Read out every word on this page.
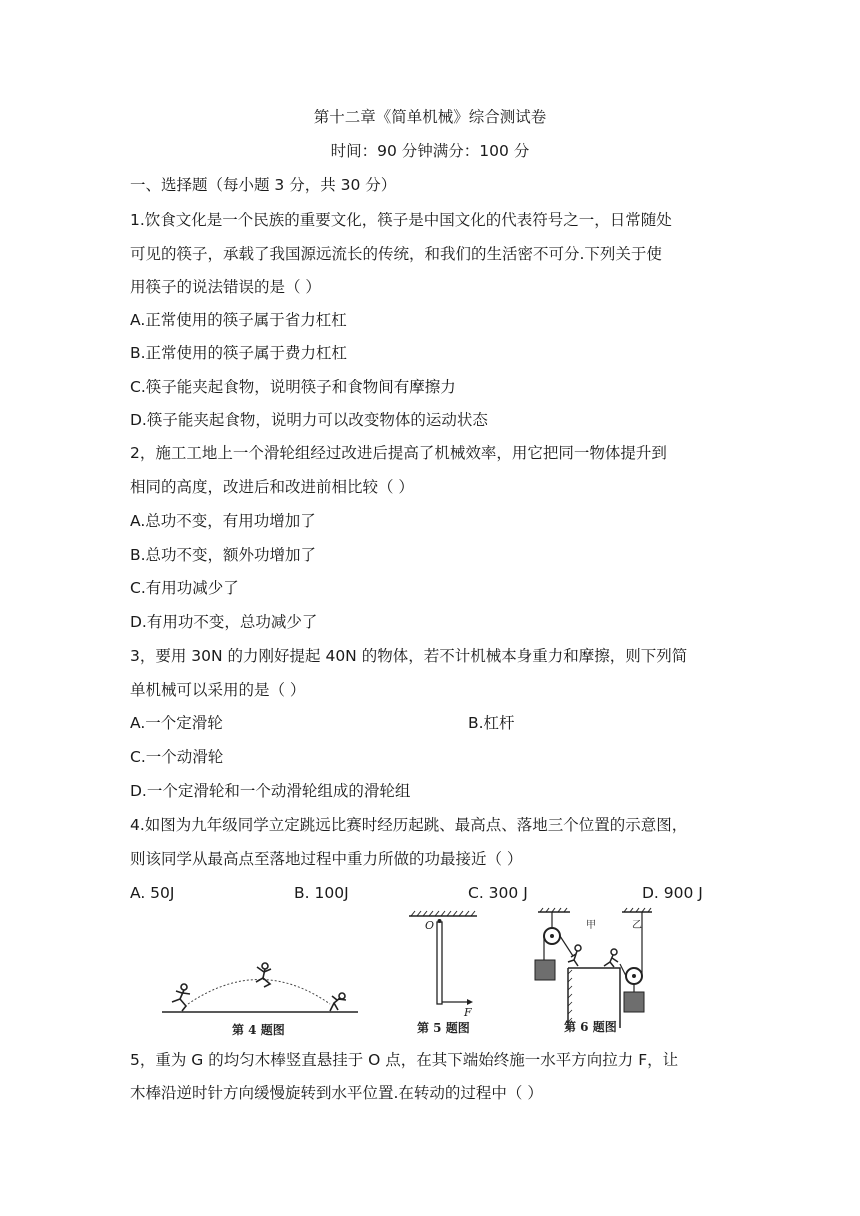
第十二章《简单机械》综合测试卷
时间：90 分钟满分：100 分
一、选择题（每小题 3 分，共 30 分）
1.饮食文化是一个民族的重要文化，筷子是中国文化的代表符号之一，日常随处
可见的筷子，承载了我国源远流长的传统，和我们的生活密不可分.下列关于使
用筷子的说法错误的是（ ）
A.正常使用的筷子属于省力杠杠
B.正常使用的筷子属于费力杠杠
C.筷子能夹起食物，说明筷子和食物间有摩擦力
D.筷子能夹起食物，说明力可以改变物体的运动状态
2，施工工地上一个滑轮组经过改进后提高了机械效率，用它把同一物体提升到
相同的高度，改进后和改进前相比较（ ）
A.总功不变，有用功增加了
B.总功不变，额外功增加了
C.有用功减少了
D.有用功不变，总功减少了
3，要用 30N 的力刚好提起 40N 的物体，若不计机械本身重力和摩擦，则下列简
单机械可以采用的是（ ）
A.一个定滑轮	B.杠杆
C.一个动滑轮
D.一个定滑轮和一个动滑轮组成的滑轮组
4.如图为九年级同学立定跳远比赛时经历起跳、最高点、落地三个位置的示意图，
则该同学从最高点至落地过程中重力所做的功最接近（ ）
A. 50J	B. 100J	C. 300 J	D. 900 J
第 4 题图
O
F
第 5 题图
甲	乙
第 6 题图
5，重为 G 的均匀木棒竖直悬挂于 O 点，在其下端始终施一水平方向拉力 F，让
木棒沿逆时针方向缓慢旋转到水平位置.在转动的过程中（ ）
